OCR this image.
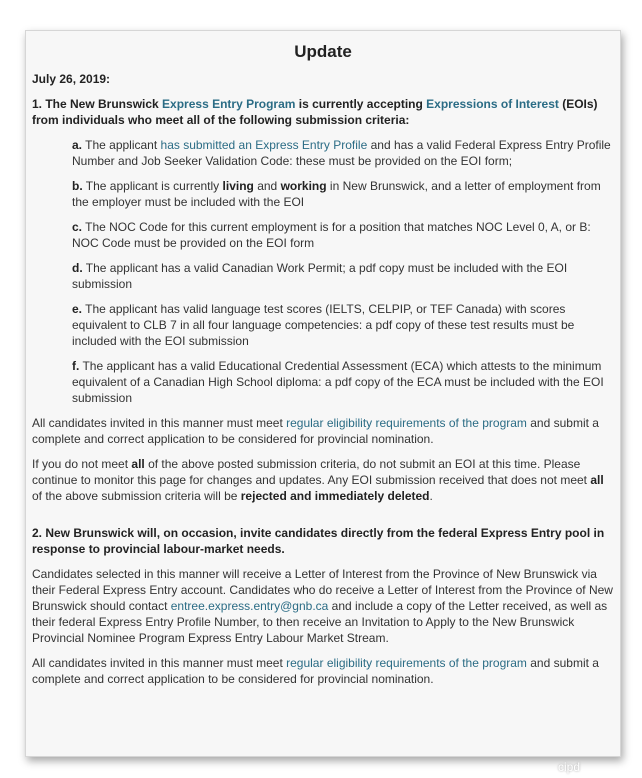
Update

July 26, 2019:

1. The New Brunswick Express Entry Program is currently accepting Expressions of Interest (EOIs) from individuals who meet all of the following submission criteria:

a. The applicant has submitted an Express Entry Profile and has a valid Federal Express Entry Profile Number and Job Seeker Validation Code: these must be provided on the EOI form;

b. The applicant is currently living and working in New Brunswick, and a letter of employment from the employer must be included with the EOI

c. The NOC Code for this current employment is for a position that matches NOC Level 0, A, or B: NOC Code must be provided on the EOI form

d. The applicant has a valid Canadian Work Permit; a pdf copy must be included with the EOI submission

e. The applicant has valid language test scores (IELTS, CELPIP, or TEF Canada) with scores equivalent to CLB 7 in all four language competencies: a pdf copy of these test results must be included with the EOI submission

f. The applicant has a valid Educational Credential Assessment (ECA) which attests to the minimum equivalent of a Canadian High School diploma: a pdf copy of the ECA must be included with the EOI submission

All candidates invited in this manner must meet regular eligibility requirements of the program and submit a complete and correct application to be considered for provincial nomination.

If you do not meet all of the above posted submission criteria, do not submit an EOI at this time. Please continue to monitor this page for changes and updates. Any EOI submission received that does not meet all of the above submission criteria will be rejected and immediately deleted.

2. New Brunswick will, on occasion, invite candidates directly from the federal Express Entry pool in response to provincial labour-market needs.

Candidates selected in this manner will receive a Letter of Interest from the Province of New Brunswick via their Federal Express Entry account. Candidates who do receive a Letter of Interest from the Province of New Brunswick should contact entree.express.entry@gnb.ca and include a copy of the Letter received, as well as their federal Express Entry Profile Number, to then receive an Invitation to Apply to the New Brunswick Provincial Nominee Program Express Entry Labour Market Stream.

All candidates invited in this manner must meet regular eligibility requirements of the program and submit a complete and correct application to be considered for provincial nomination.

cipd
